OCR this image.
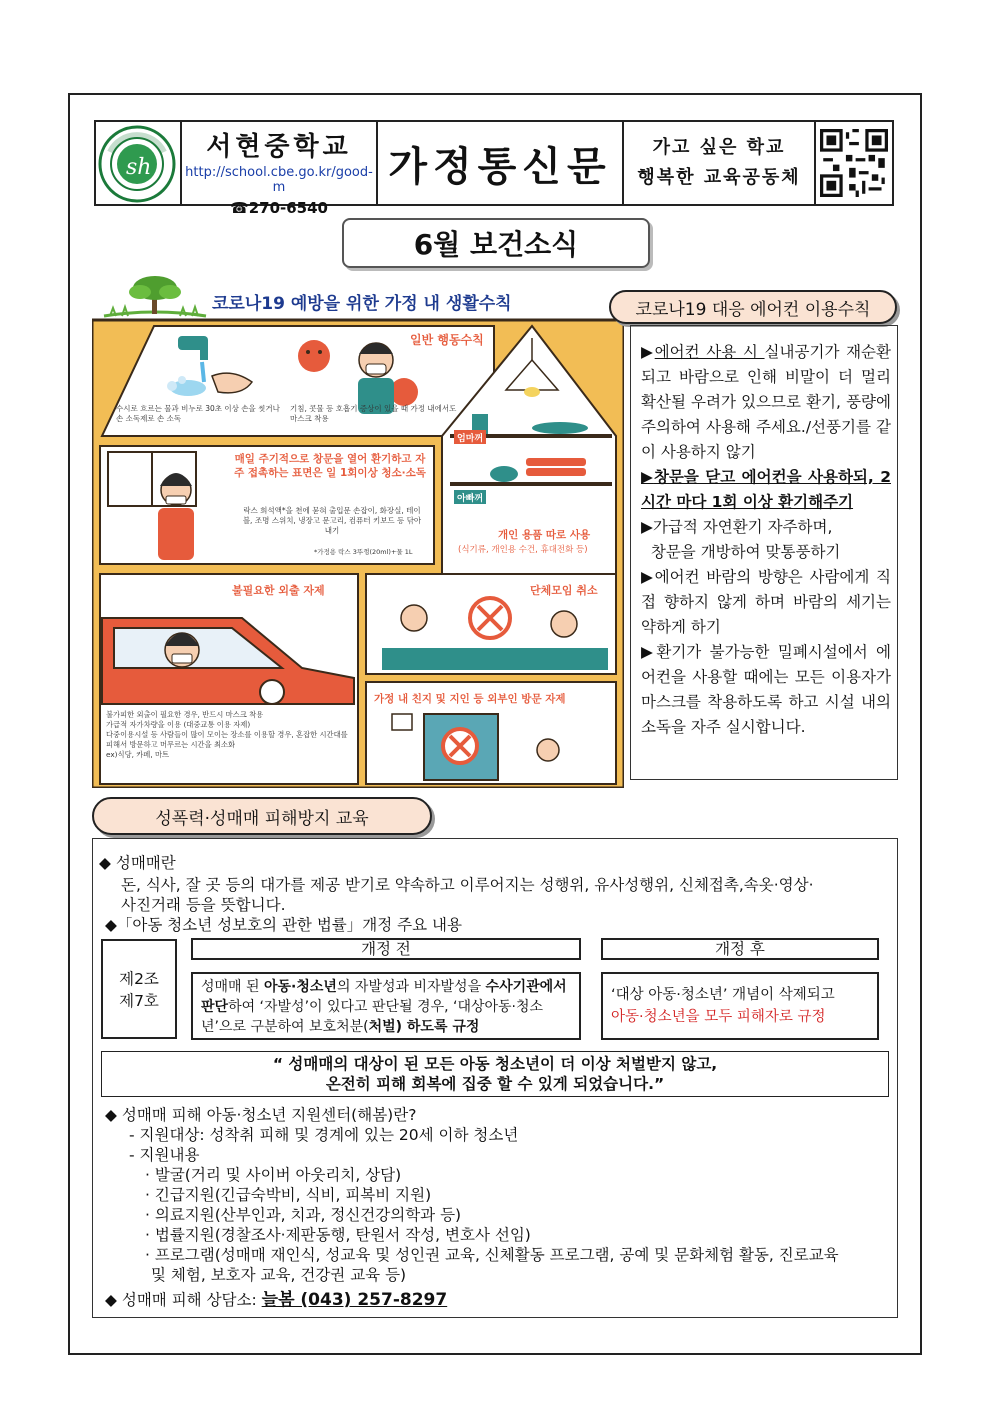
sh
서현중학교
http://school.cbe.go.kr/good-m
☎270-6540
가정통신문 가고 싶은 학교
행복한 교육공동체
6월 보건소식
코로나19 예방을 위한 가정 내 생활수칙
일반 행동수칙
수시로 흐르는 물과 비누로 30초 이상 손을 씻거나 손 소독제로 손 소독
기침, 콧물 등 호흡기 증상이 있을 때 가정 내에서도 마스크 착용
엄마꺼
아빠꺼
개인 용품 따로 사용
(식기류, 개인용 수건, 휴대전화 등)
매일 주기적으로 창문을 열어 환기하고 자주 접촉하는 표면은 일 1회이상 청소·소독
락스 희석액*을 천에 묻혀 출입문 손잡이, 화장실, 테이블, 조명 스위치, 냉장고 문고리, 컴퓨터 키보드 등 닦아내기
*가정용 락스 3뚜껑(20ml)+물 1L
불필요한 외출 자제
불가피한 외출이 필요한 경우, 반드시 마스크 착용
가급적 자가차량을 이용 (대중교통 이용 자제)
다중이용시설 등 사람들이 많이 모이는 장소를 이용할 경우, 혼잡한 시간대를 피해서 방문하고 머무르는 시간을 최소화
ex)식당, 카페, 마트
단체모임 취소
가정 내 친지 및 지인 등 외부인 방문 자제
코로나19 대응 에어컨 이용수칙

▶에어컨 사용 시 실내공기가 재순환되고 바람으로 인해 비말이 더 멀리 확산될 우려가 있으므로 환기, 풍량에 주의하여 사용해 주세요./선풍기를 같이 사용하지 않기

▶창문을 닫고 에어컨을 사용하되, 2시간 마다 1회 이상 환기해주기

▶가급적 자연환기 자주하며,
창문을 개방하여 맞통풍하기

▶에어컨 바람의 방향은 사람에게 직접 향하지 않게 하며 바람의 세기는 약하게 하기

▶환기가 불가능한 밀폐시설에서 에어컨을 사용할 때에는 모든 이용자가 마스크를 착용하도록 하고 시설 내의 소독을 자주 실시합니다.

성폭력·성매매 피해방지 교육
◆ 성매매란
돈, 식사, 잘 곳 등의 대가를 제공 받기로 약속하고 이루어지는 성행위, 유사성행위, 신체접촉,속옷·영상·
사진거래 등을 뜻합니다.
◆「아동 청소년 성보호의 관한 법률」개정 주요 내용
제2조
제7호
개정 전	개정 후
성매매 된 아동·청소년의 자발성과 비자발성을 수사기관에서 판단하여 ‘자발성’이 있다고 판단될 경우, ‘대상아동·청소년’으로 구분하여 보호처분(처벌) 하도록 규정
‘대상 아동·청소년’ 개념이 삭제되고
아동·청소년을 모두 피해자로 규정
“ 성매매의 대상이 된 모든 아동 청소년이 더 이상 처벌받지 않고,
온전히 피해 회복에 집중 할 수 있게 되었습니다.”
◆ 성매매 피해 아동·청소년 지원센터(해봄)란?
- 지원대상: 성착취 피해 및 경계에 있는 20세 이하 청소년
- 지원내용
· 발굴(거리 및 사이버 아웃리치, 상담)
· 긴급지원(긴급숙박비, 식비, 피복비 지원)
· 의료지원(산부인과, 치과, 정신건강의학과 등)
· 법률지원(경찰조사·제판동행, 탄원서 작성, 변호사 선임)
· 프로그램(성매매 재인식, 성교육 및 성인권 교육, 신체활동 프로그램, 공예 및 문화체험 활동, 진로교육
및 체험, 보호자 교육, 건강권 교육 등)
◆ 성매매 피해 상담소: 늘봄 (043) 257-8297
